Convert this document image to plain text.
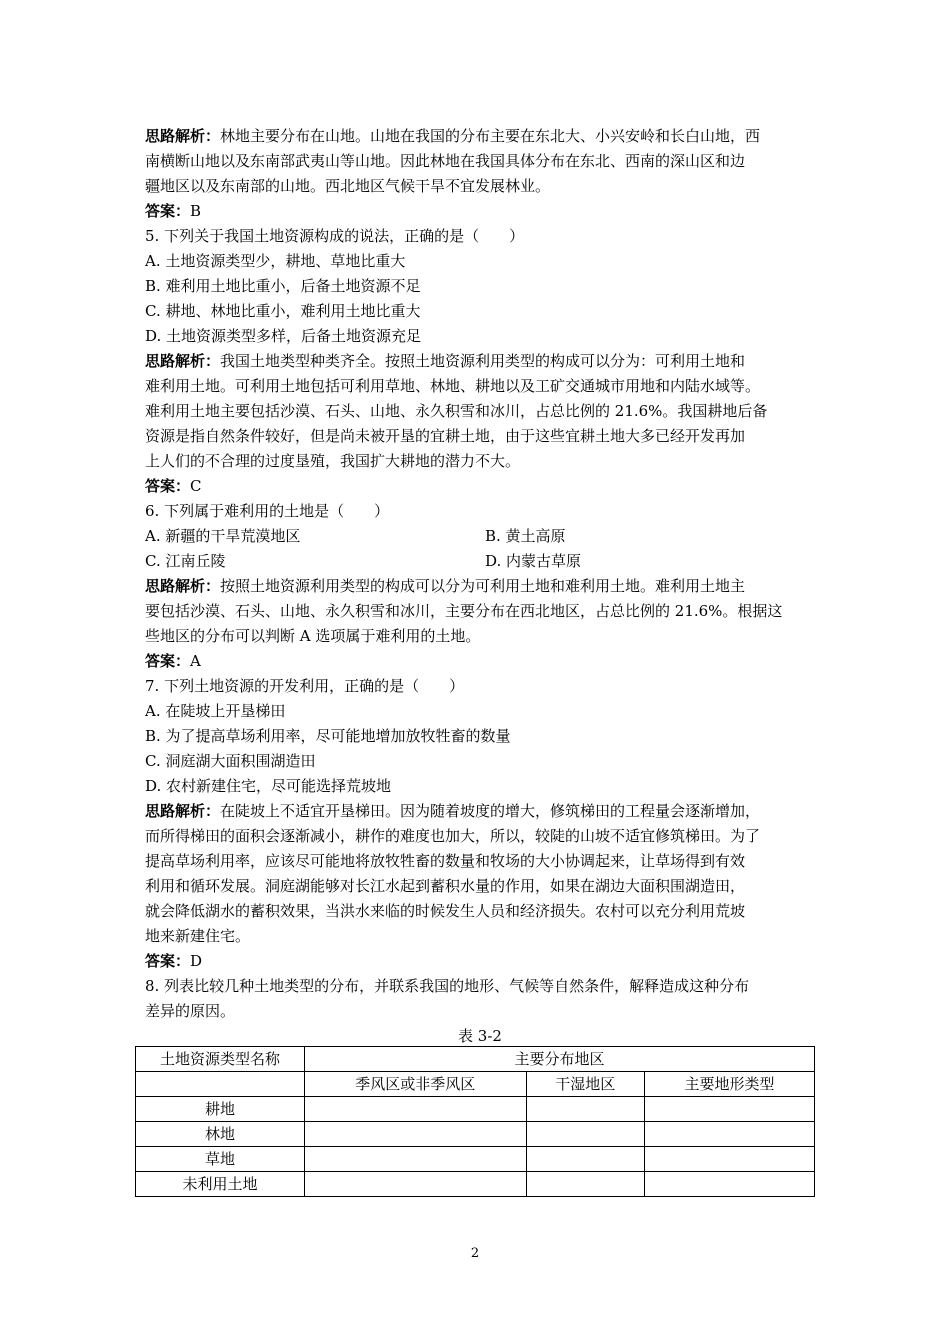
思路解析：林地主要分布在山地。山地在我国的分布主要在东北大、小兴安岭和长白山地，西
南横断山地以及东南部武夷山等山地。因此林地在我国具体分布在东北、西南的深山区和边
疆地区以及东南部的山地。西北地区气候干旱不宜发展林业。

答案：B

5. 下列关于我国土地资源构成的说法，正确的是（　　）

A. 土地资源类型少，耕地、草地比重大

B. 难利用土地比重小，后备土地资源不足

C. 耕地、林地比重小，难利用土地比重大

D. 土地资源类型多样，后备土地资源充足

思路解析：我国土地类型种类齐全。按照土地资源利用类型的构成可以分为：可利用土地和
难利用土地。可利用土地包括可利用草地、林地、耕地以及工矿交通城市用地和内陆水域等。
难利用土地主要包括沙漠、石头、山地、永久积雪和冰川，占总比例的 21.6%。我国耕地后备
资源是指自然条件较好，但是尚未被开垦的宜耕土地，由于这些宜耕土地大多已经开发再加
上人们的不合理的过度垦殖，我国扩大耕地的潜力不大。

答案：C

6. 下列属于难利用的土地是（　　）

A. 新疆的干旱荒漠地区	B. 黄土高原

C. 江南丘陵	D. 内蒙古草原

思路解析：按照土地资源利用类型的构成可以分为可利用土地和难利用土地。难利用土地主
要包括沙漠、石头、山地、永久积雪和冰川，主要分布在西北地区，占总比例的 21.6%。根据这
些地区的分布可以判断 A 选项属于难利用的土地。

答案：A

7. 下列土地资源的开发利用，正确的是（　　）

A. 在陡坡上开垦梯田

B. 为了提高草场利用率，尽可能地增加放牧牲畜的数量

C. 洞庭湖大面积围湖造田

D. 农村新建住宅，尽可能选择荒坡地

思路解析：在陡坡上不适宜开垦梯田。因为随着坡度的增大，修筑梯田的工程量会逐渐增加，
而所得梯田的面积会逐渐减小，耕作的难度也加大，所以，较陡的山坡不适宜修筑梯田。为了
提高草场利用率，应该尽可能地将放牧牲畜的数量和牧场的大小协调起来，让草场得到有效
利用和循环发展。洞庭湖能够对长江水起到蓄积水量的作用，如果在湖边大面积围湖造田，
就会降低湖水的蓄积效果，当洪水来临的时候发生人员和经济损失。农村可以充分利用荒坡
地来新建住宅。

答案：D

8. 列表比较几种土地类型的分布，并联系我国的地形、气候等自然条件，解释造成这种分布
差异的原因。

表 3-2

土地资源类型名称	主要分布地区		
	季风区或非季风区	干湿地区	主要地形类型
耕地			
林地			
草地			
未利用土地			
2
